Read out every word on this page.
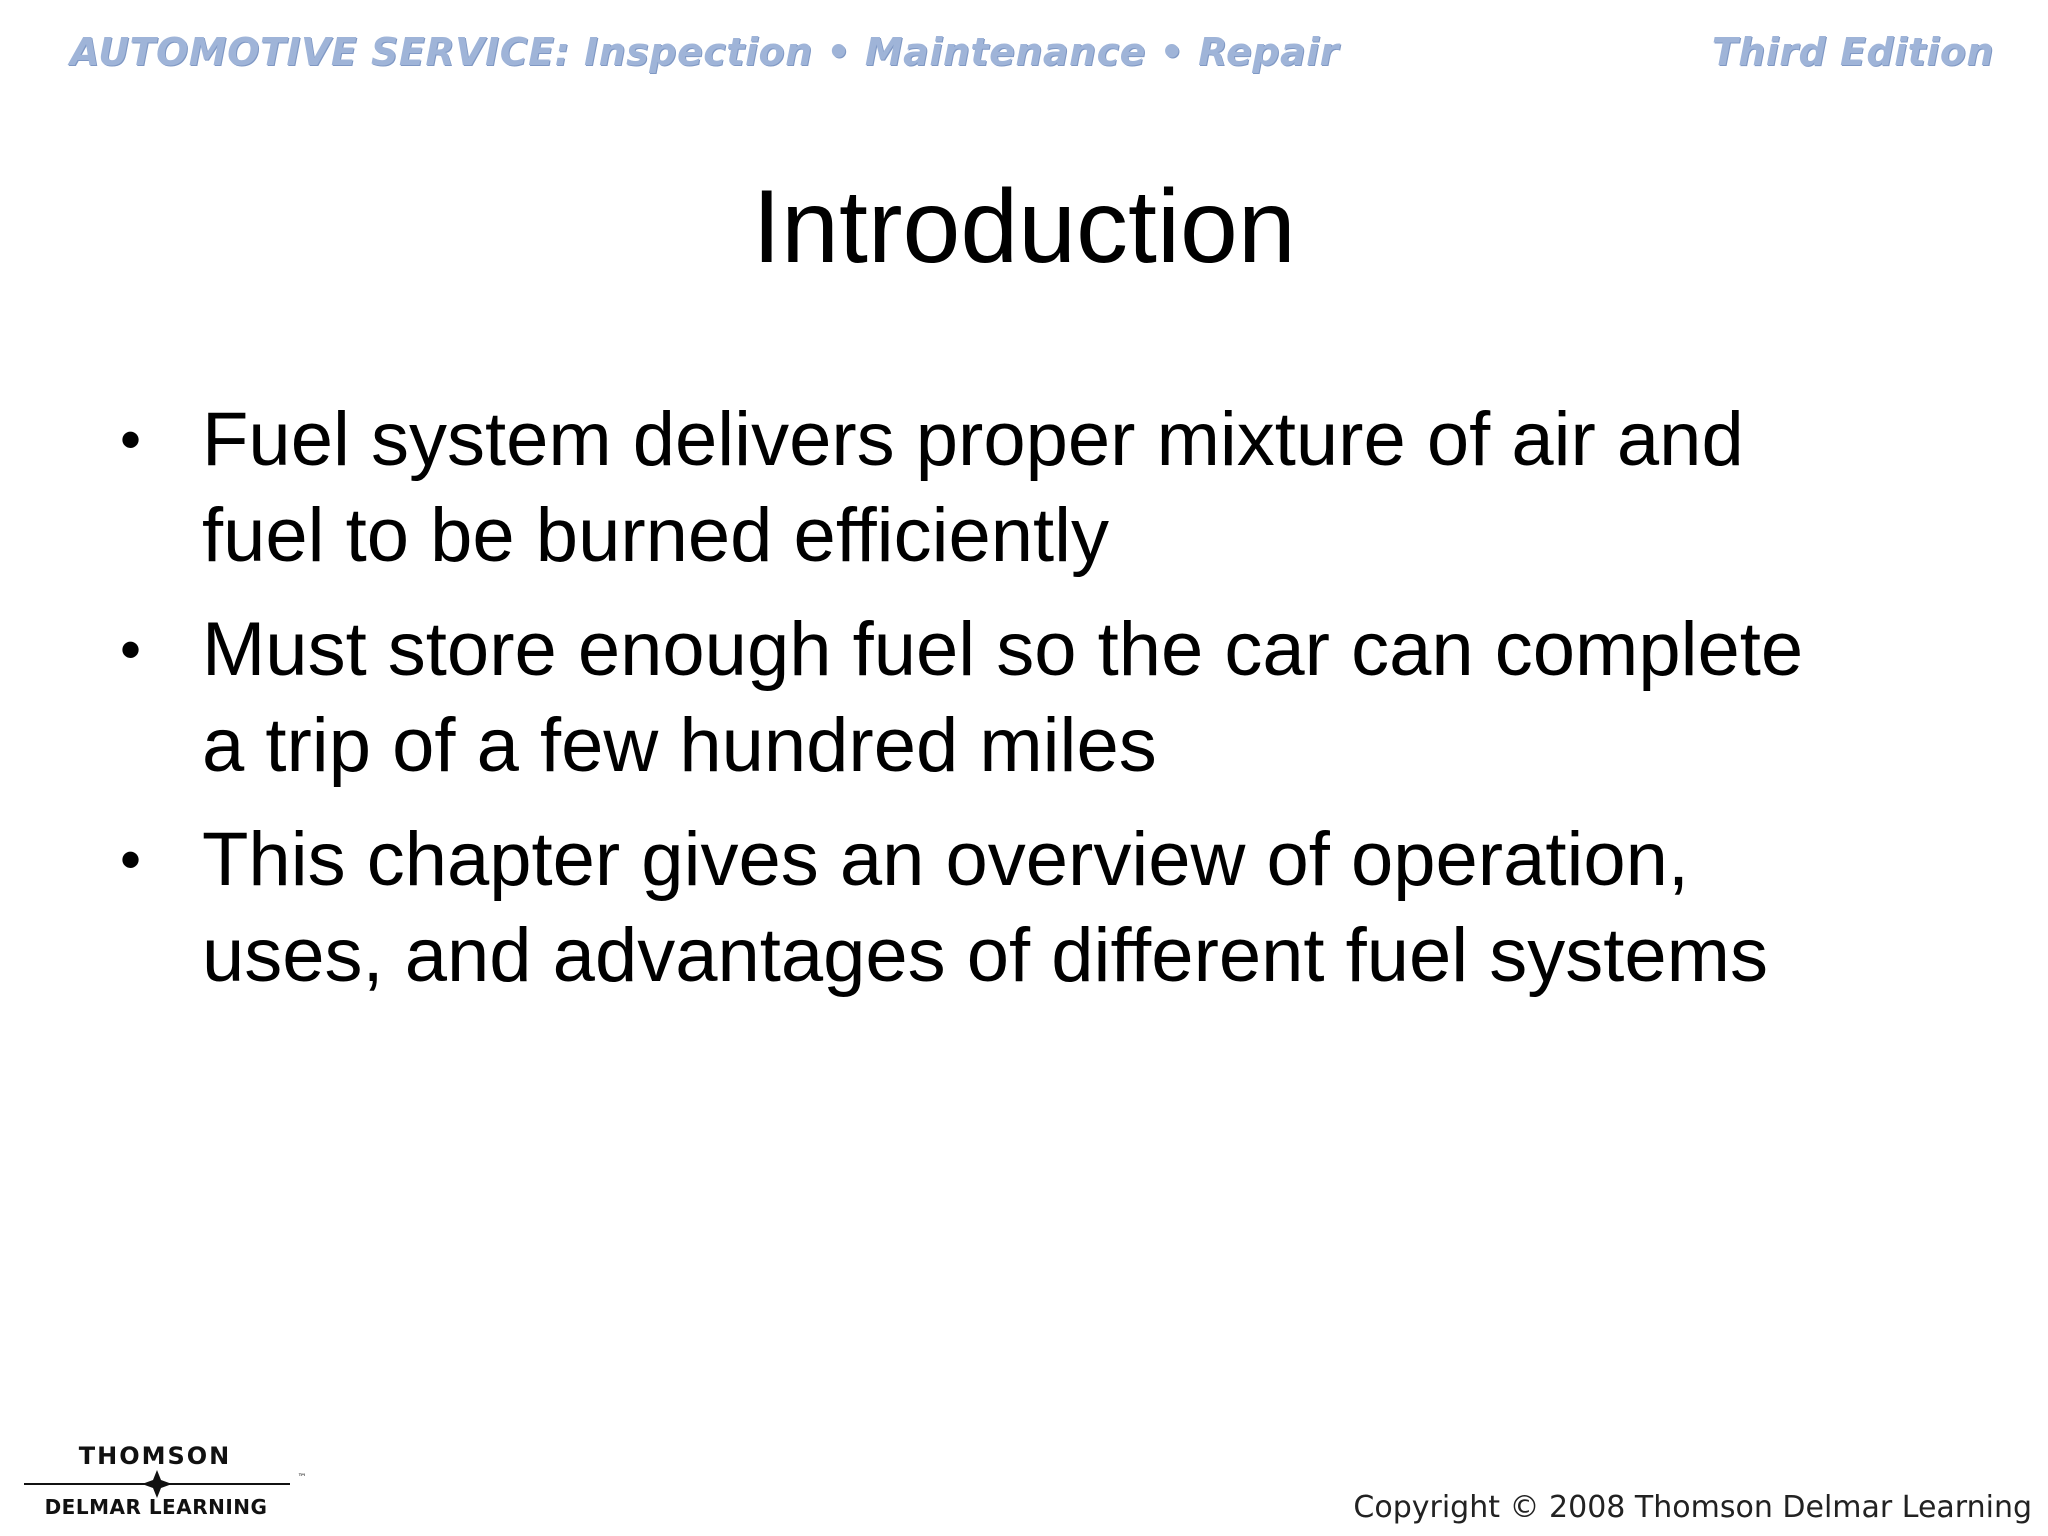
AUTOMOTIVE SERVICE: Inspection • Maintenance • Repair	Third Edition
Introduction
• Fuel system delivers proper mixture of air and
fuel to be burned efficiently
• Must store enough fuel so the car can complete
a trip of a few hundred miles
• This chapter gives an overview of operation,
uses, and advantages of different fuel systems
THOMSON
™
DELMAR LEARNING	Copyright © 2008 Thomson Delmar Learning
